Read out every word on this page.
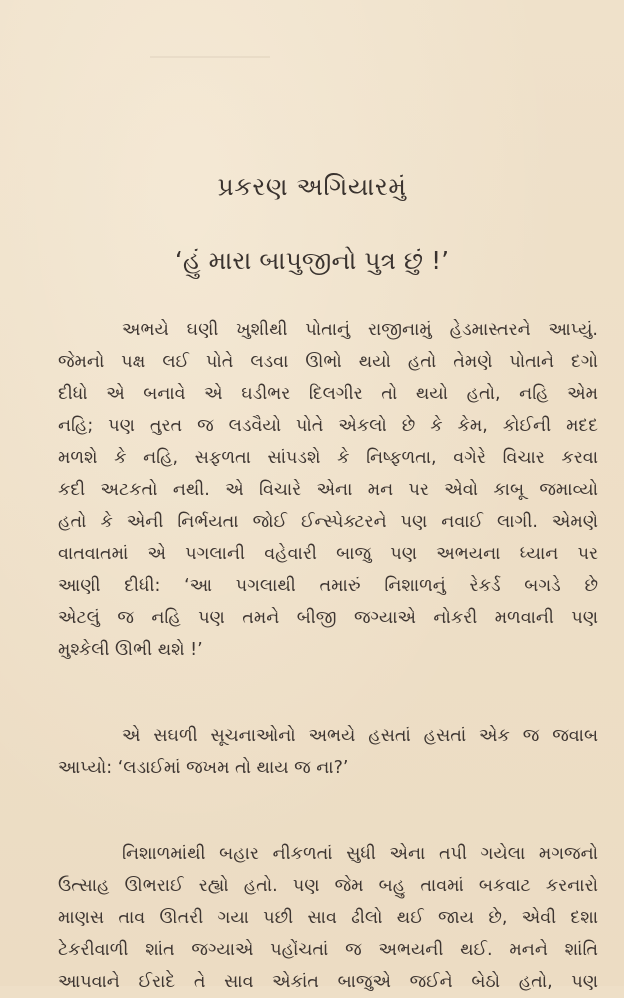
પ્રકરણ અગિયારમું
‘હું મારા બાપુજીનો પુત્ર છું !’
અભયે ઘણી ખુશીથી પોતાનું રાજીનામું હેડમાસ્તરને આપ્યું.
જેમનો પક્ષ લઈ પોતે લડવા ઊભો થયો હતો તેમણે પોતાને દગો
દીધો એ બનાવે એ ઘડીભર દિલગીર તો થયો હતો, નહિ એમ
નહિ; પણ તુરત જ લડવૈયો પોતે એકલો છે કે કેમ, કોઈની મદદ
મળશે કે નહિ, સફળતા સાંપડશે કે નિષ્ફળતા, વગેરે વિચાર કરવા
કદી અટકતો નથી. એ વિચારે એના મન પર એવો કાબૂ જમાવ્યો
હતો કે એની નિર્ભયતા જોઈ ઈન્સ્પેક્ટરને પણ નવાઈ લાગી. એમણે
વાતવાતમાં એ પગલાની વહેવારી બાજુ પણ અભયના ધ્યાન પર
આણી દીધી: ‘આ પગલાથી તમારું નિશાળનું રેકર્ડ બગડે છે
એટલું જ નહિ પણ તમને બીજી જગ્યાએ નોકરી મળવાની પણ
મુશ્કેલી ઊભી થશે !’
એ સઘળી સૂચનાઓનો અભયે હસતાં હસતાં એક જ જવાબ
આપ્યો: ‘લડાઈમાં જખમ તો થાય જ ના?’
નિશાળમાંથી બહાર નીકળતાં સુધી એના તપી ગયેલા મગજનો
ઉત્સાહ ઊભરાઈ રહ્યો હતો. પણ જેમ બહુ તાવમાં બકવાટ કરનારો
માણસ તાવ ઊતરી ગયા પછી સાવ ઢીલો થઈ જાય છે, એવી દશા
ટેકરીવાળી શાંત જગ્યાએ પહોંચતાં જ અભયની થઈ. મનને શાંતિ
આપવાને ઈરાદે તે સાવ એકાંત બાજુએ જઈને બેઠો હતો, પણ
